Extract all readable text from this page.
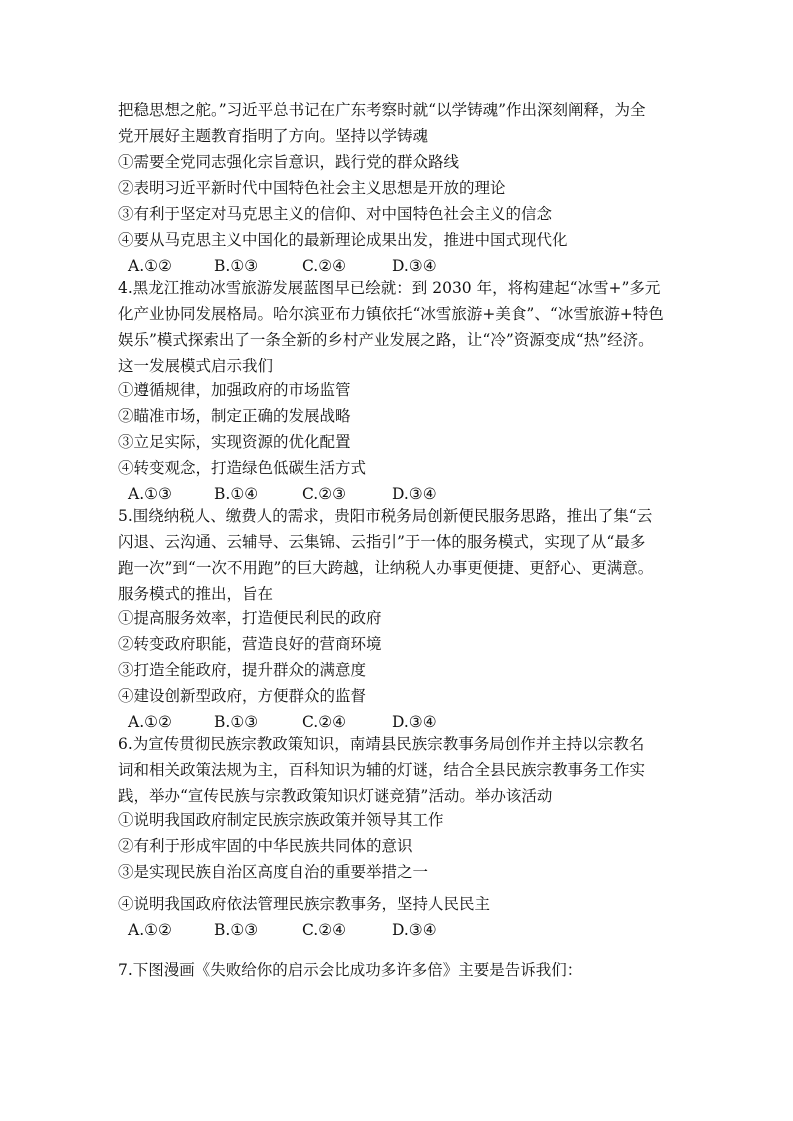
把稳思想之舵。”习近平总书记在广东考察时就“以学铸魂”作出深刻阐释，为全
党开展好主题教育指明了方向。坚持以学铸魂
①需要全党同志强化宗旨意识，践行党的群众路线
②表明习近平新时代中国特色社会主义思想是开放的理论
③有利于坚定对马克思主义的信仰、对中国特色社会主义的信念
④要从马克思主义中国化的最新理论成果出发，推进中国式现代化
A.①②	B.①③	C.②④	D.③④
4.黑龙江推动冰雪旅游发展蓝图早已绘就：到 2030 年，将构建起“冰雪+”多元
化产业协同发展格局。哈尔滨亚布力镇依托“冰雪旅游+美食”、“冰雪旅游+特色
娱乐”模式探索出了一条全新的乡村产业发展之路，让“冷”资源变成“热”经济。
这一发展模式启示我们
①遵循规律，加强政府的市场监管
②瞄准市场，制定正确的发展战略
③立足实际，实现资源的优化配置
④转变观念，打造绿色低碳生活方式
A.①③	B.①④	C.②③	D.③④
5.围绕纳税人、缴费人的需求，贵阳市税务局创新便民服务思路，推出了集“云
闪退、云沟通、云辅导、云集锦、云指引”于一体的服务模式，实现了从“最多
跑一次”到“一次不用跑”的巨大跨越，让纳税人办事更便捷、更舒心、更满意。
服务模式的推出，旨在
①提高服务效率，打造便民利民的政府
②转变政府职能，营造良好的营商环境
③打造全能政府，提升群众的满意度
④建设创新型政府，方便群众的监督
A.①②	B.①③	C.②④	D.③④
6.为宣传贯彻民族宗教政策知识，南靖县民族宗教事务局创作并主持以宗教名
词和相关政策法规为主，百科知识为辅的灯谜，结合全县民族宗教事务工作实
践，举办“宣传民族与宗教政策知识灯谜竞猜”活动。举办该活动
①说明我国政府制定民族宗族政策并领导其工作
②有利于形成牢固的中华民族共同体的意识
③是实现民族自治区高度自治的重要举措之一
④说明我国政府依法管理民族宗教事务，坚持人民民主
A.①②	B.①③	C.②④	D.③④
7.下图漫画《失败给你的启示会比成功多许多倍》主要是告诉我们：
